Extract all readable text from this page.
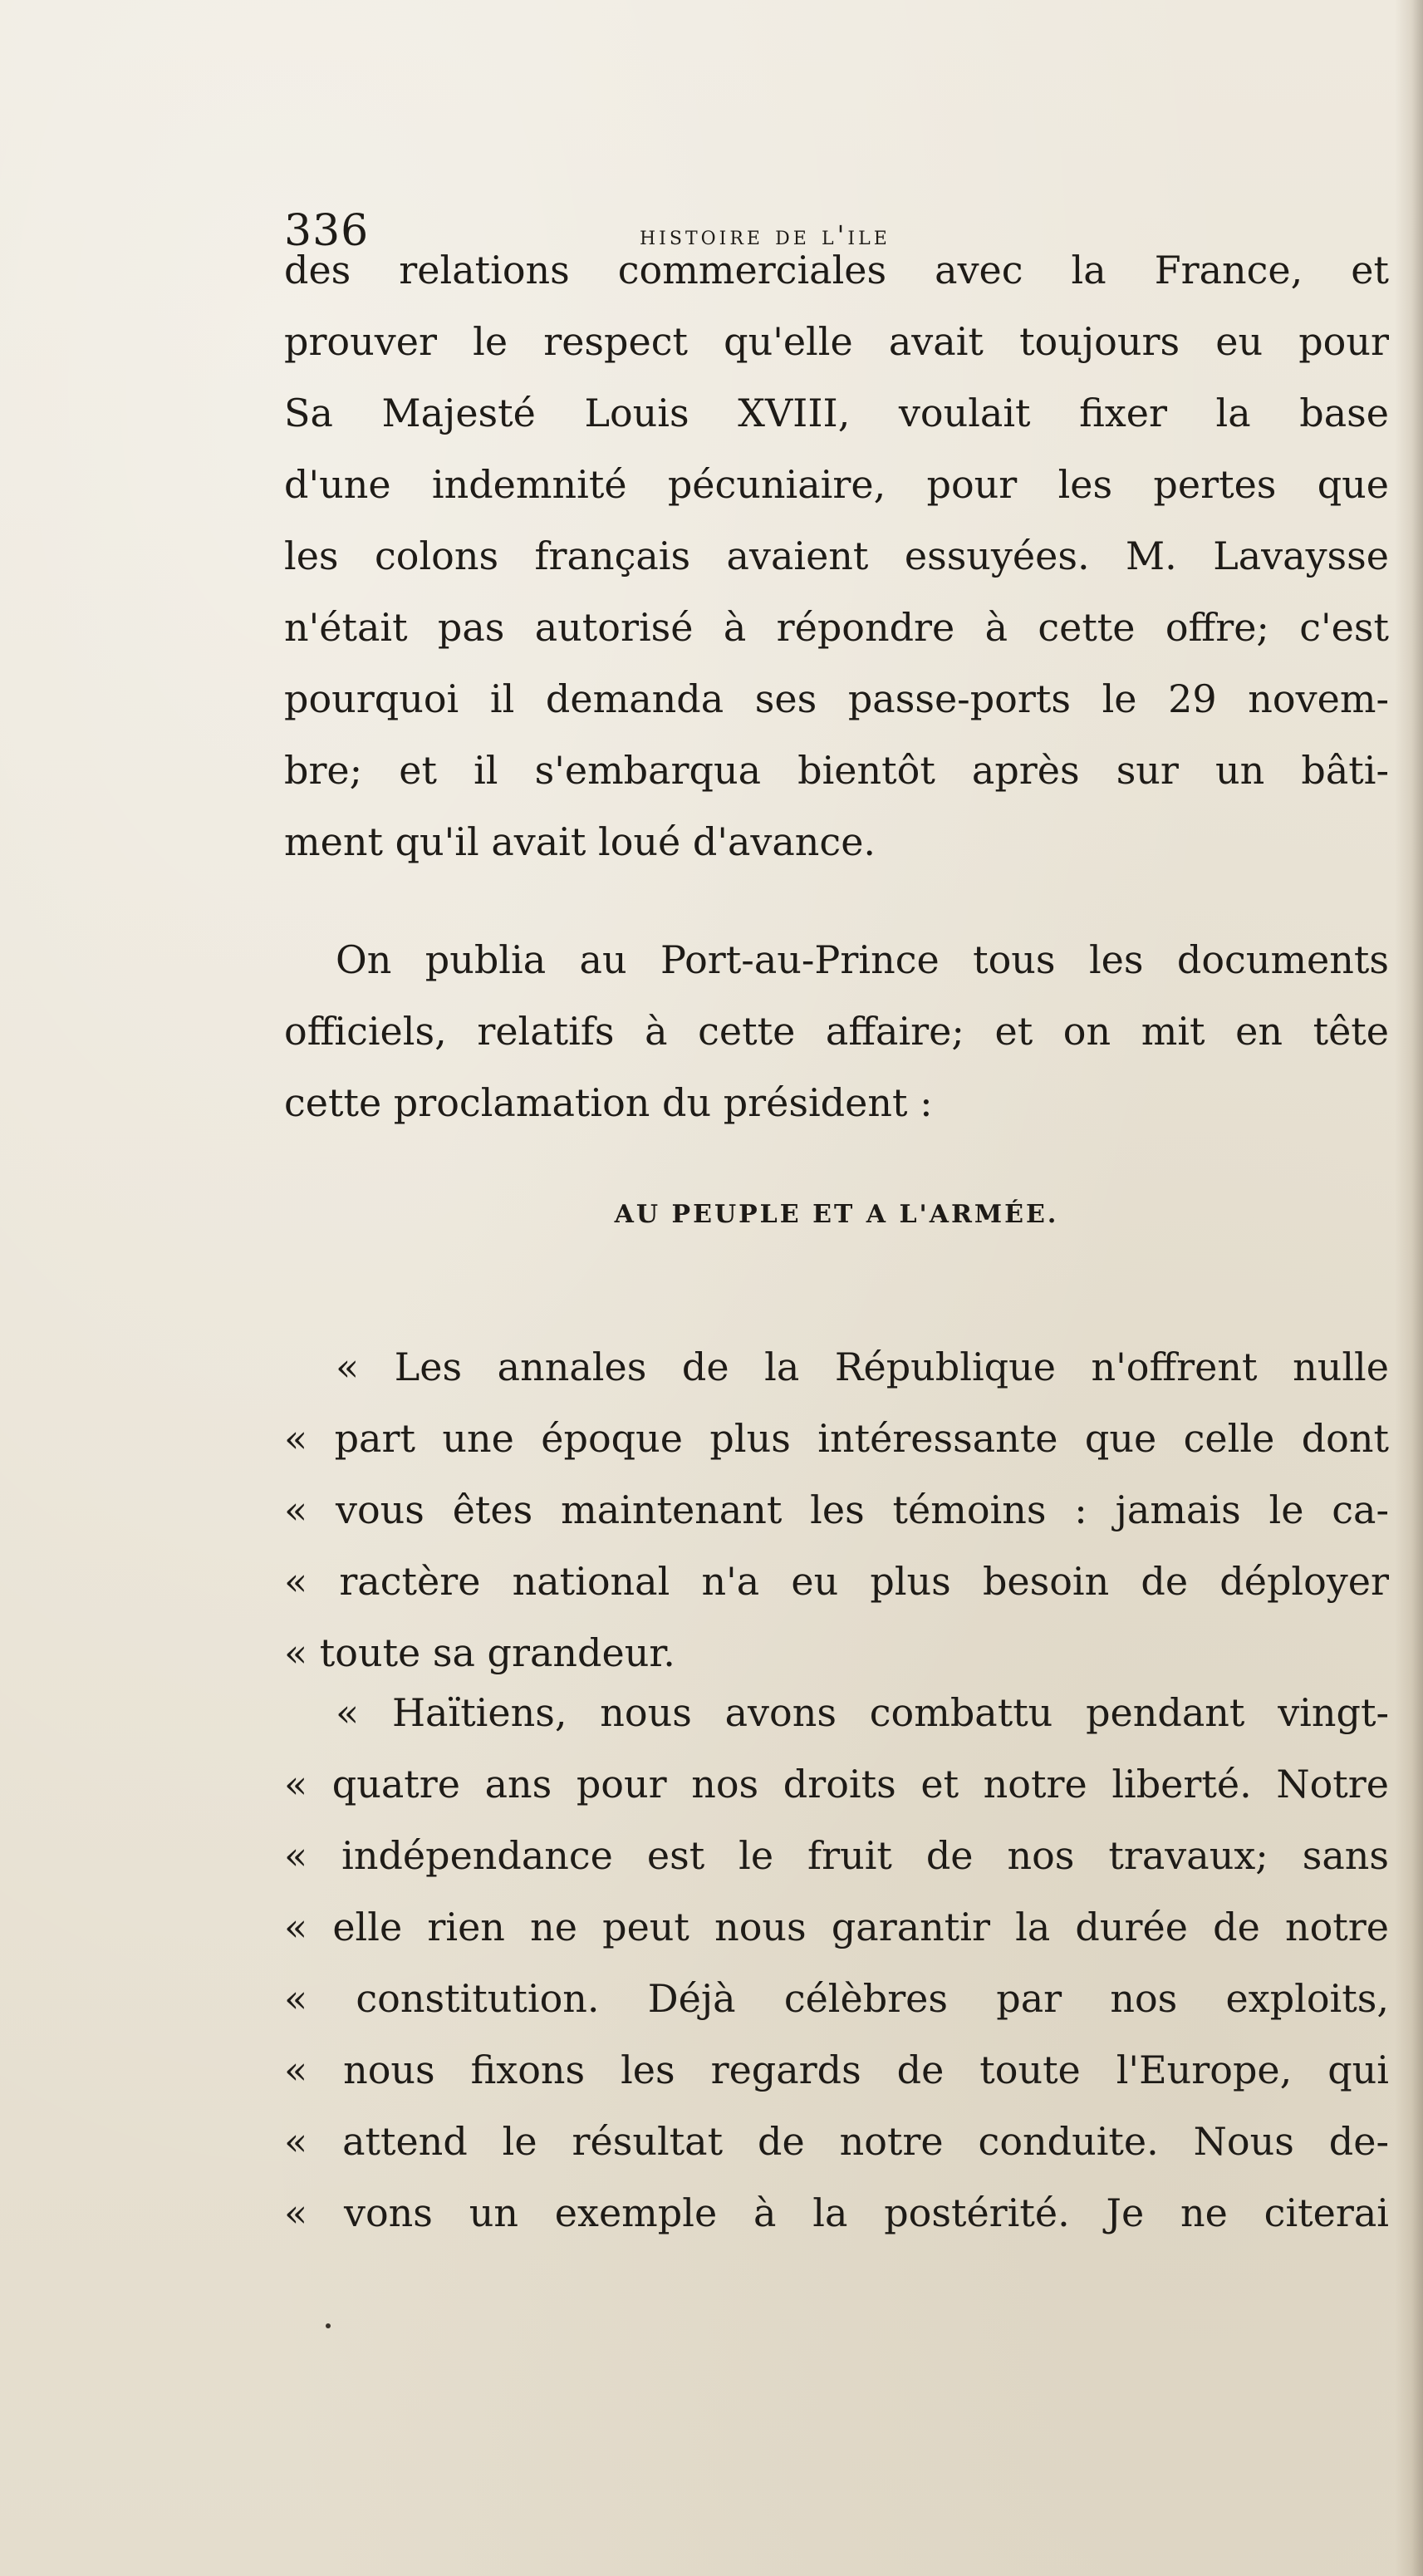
336	histoire de l'ile
des relations commerciales avec la France, et
prouver le respect qu'elle avait toujours eu pour
Sa Majesté Louis XVIII, voulait fixer la base
d'une indemnité pécuniaire, pour les pertes que
les colons français avaient essuyées. M. Lavaysse
n'était pas autorisé à répondre à cette offre; c'est
pourquoi il demanda ses passe-ports le 29 novem-
bre; et il s'embarqua bientôt après sur un bâti-
ment qu'il avait loué d'avance.
On publia au Port-au-Prince tous les documents
officiels, relatifs à cette affaire; et on mit en tête
cette proclamation du président :
AU PEUPLE ET A L'ARMÉE.
« Les annales de la République n'offrent nulle
« part une époque plus intéressante que celle dont
« vous êtes maintenant les témoins : jamais le ca-
« ractère national n'a eu plus besoin de déployer
« toute sa grandeur.
« Haïtiens, nous avons combattu pendant vingt-
« quatre ans pour nos droits et notre liberté. Notre
« indépendance est le fruit de nos travaux; sans
« elle rien ne peut nous garantir la durée de notre
« constitution. Déjà célèbres par nos exploits,
« nous fixons les regards de toute l'Europe, qui
« attend le résultat de notre conduite. Nous de-
« vons un exemple à la postérité. Je ne citerai
